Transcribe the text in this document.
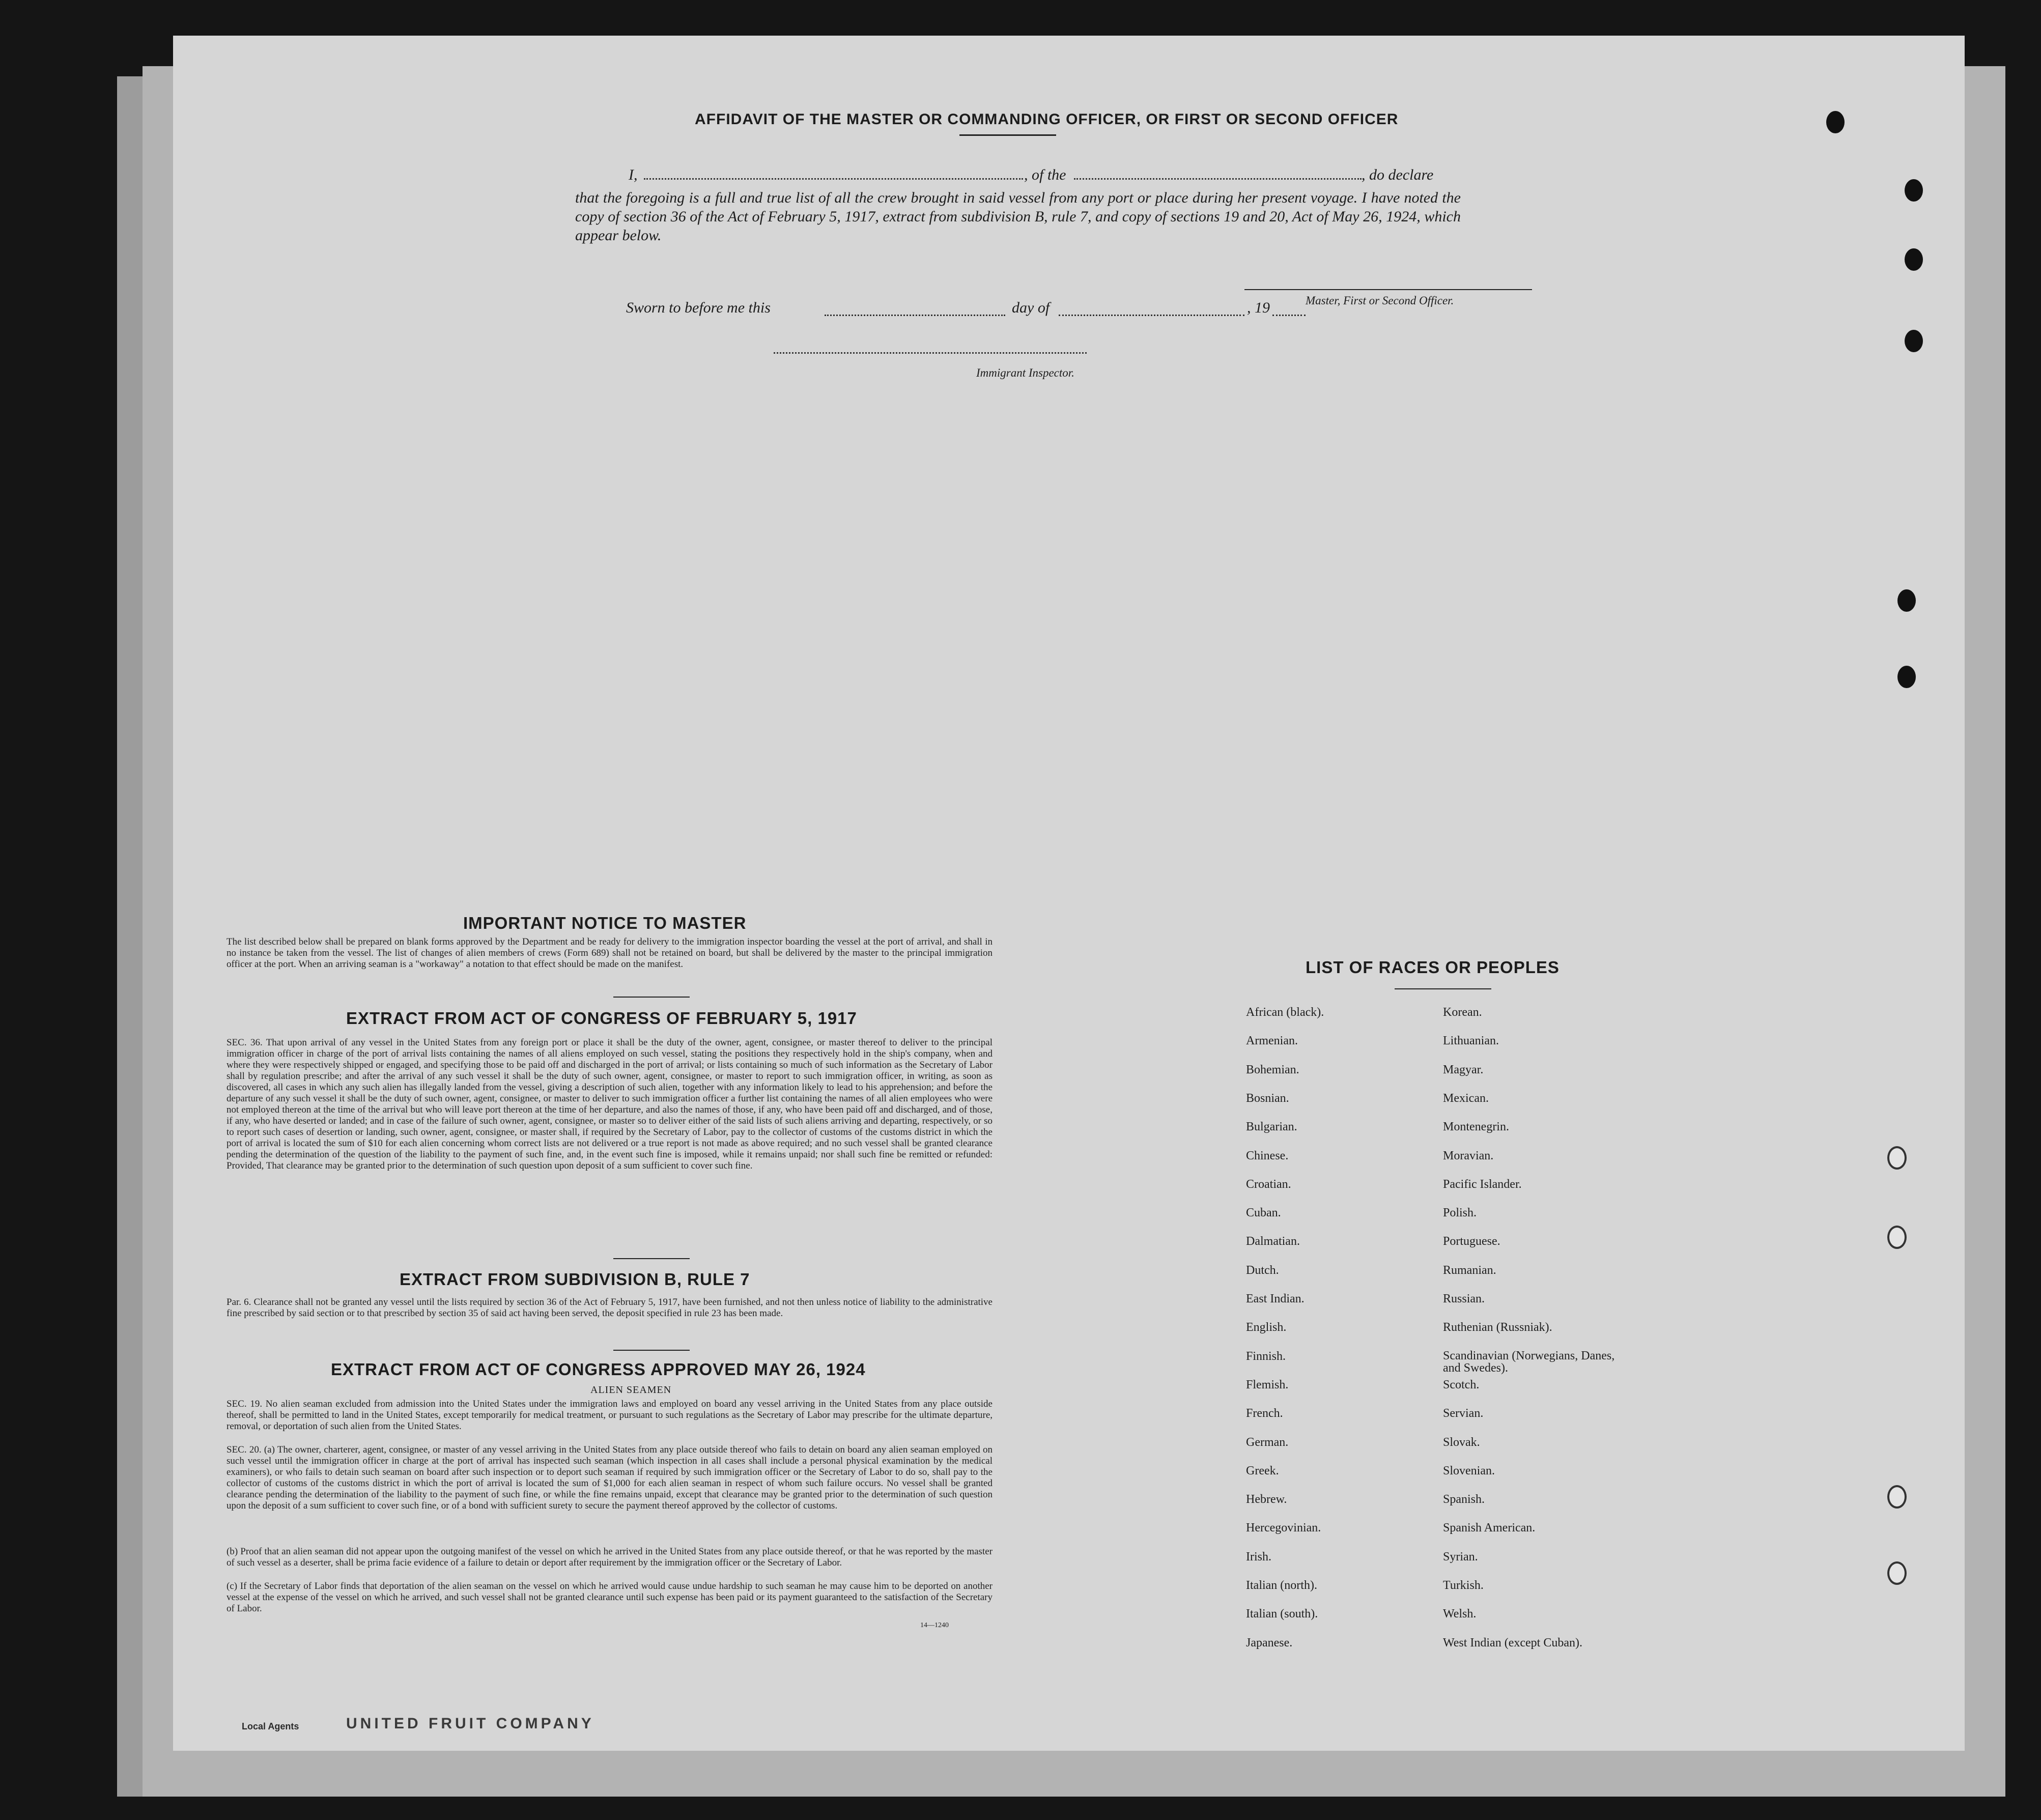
AFFIDAVIT OF THE MASTER OR COMMANDING OFFICER, OR FIRST OR SECOND OFFICER
I,	, of the	, do declare
that the foregoing is a full and true list of all the crew brought in said vessel from any port or place during her present voyage. I have noted the copy of section 36 of the Act of February 5, 1917, extract from subdivision B, rule 7, and copy of sections 19 and 20, Act of May 26, 1924, which appear below.
Master, First or Second Officer.
Sworn to before me this	day of	, 19
Immigrant Inspector.
IMPORTANT NOTICE TO MASTER
The list described below shall be prepared on blank forms approved by the Department and be ready for delivery to the immigration inspector boarding the vessel at the port of arrival, and shall in no instance be taken from the vessel. The list of changes of alien members of crews (Form 689) shall not be retained on board, but shall be delivered by the master to the principal immigration officer at the port. When an arriving seaman is a "workaway" a notation to that effect should be made on the manifest.
EXTRACT FROM ACT OF CONGRESS OF FEBRUARY 5, 1917
SEC. 36. That upon arrival of any vessel in the United States from any foreign port or place it shall be the duty of the owner, agent, consignee, or master thereof to deliver to the principal immigration officer in charge of the port of arrival lists containing the names of all aliens employed on such vessel, stating the positions they respectively hold in the ship's company, when and where they were respectively shipped or engaged, and specifying those to be paid off and discharged in the port of arrival; or lists containing so much of such information as the Secretary of Labor shall by regulation prescribe; and after the arrival of any such vessel it shall be the duty of such owner, agent, consignee, or master to report to such immigration officer, in writing, as soon as discovered, all cases in which any such alien has illegally landed from the vessel, giving a description of such alien, together with any information likely to lead to his apprehension; and before the departure of any such vessel it shall be the duty of such owner, agent, consignee, or master to deliver to such immigration officer a further list containing the names of all alien employees who were not employed thereon at the time of the arrival but who will leave port thereon at the time of her departure, and also the names of those, if any, who have been paid off and discharged, and of those, if any, who have deserted or landed; and in case of the failure of such owner, agent, consignee, or master so to deliver either of the said lists of such aliens arriving and departing, respectively, or so to report such cases of desertion or landing, such owner, agent, consignee, or master shall, if required by the Secretary of Labor, pay to the collector of customs of the customs district in which the port of arrival is located the sum of $10 for each alien concerning whom correct lists are not delivered or a true report is not made as above required; and no such vessel shall be granted clearance pending the determination of the question of the liability to the payment of such fine, and, in the event such fine is imposed, while it remains unpaid; nor shall such fine be remitted or refunded: Provided, That clearance may be granted prior to the determination of such question upon deposit of a sum sufficient to cover such fine.
EXTRACT FROM SUBDIVISION B, RULE 7
Par. 6. Clearance shall not be granted any vessel until the lists required by section 36 of the Act of February 5, 1917, have been furnished, and not then unless notice of liability to the administrative fine prescribed by said section or to that prescribed by section 35 of said act having been served, the deposit specified in rule 23 has been made.
EXTRACT FROM ACT OF CONGRESS APPROVED MAY 26, 1924
ALIEN SEAMEN
SEC. 19. No alien seaman excluded from admission into the United States under the immigration laws and employed on board any vessel arriving in the United States from any place outside thereof, shall be permitted to land in the United States, except temporarily for medical treatment, or pursuant to such regulations as the Secretary of Labor may prescribe for the ultimate departure, removal, or deportation of such alien from the United States.
SEC. 20. (a) The owner, charterer, agent, consignee, or master of any vessel arriving in the United States from any place outside thereof who fails to detain on board any alien seaman employed on such vessel until the immigration officer in charge at the port of arrival has inspected such seaman (which inspection in all cases shall include a personal physical examination by the medical examiners), or who fails to detain such seaman on board after such inspection or to deport such seaman if required by such immigration officer or the Secretary of Labor to do so, shall pay to the collector of customs of the customs district in which the port of arrival is located the sum of $1,000 for each alien seaman in respect of whom such failure occurs. No vessel shall be granted clearance pending the determination of the liability to the payment of such fine, or while the fine remains unpaid, except that clearance may be granted prior to the determination of such question upon the deposit of a sum sufficient to cover such fine, or of a bond with sufficient surety to secure the payment thereof approved by the collector of customs.
(b) Proof that an alien seaman did not appear upon the outgoing manifest of the vessel on which he arrived in the United States from any place outside thereof, or that he was reported by the master of such vessel as a deserter, shall be prima facie evidence of a failure to detain or deport after requirement by the immigration officer or the Secretary of Labor.
(c) If the Secretary of Labor finds that deportation of the alien seaman on the vessel on which he arrived would cause undue hardship to such seaman he may cause him to be deported on another vessel at the expense of the vessel on which he arrived, and such vessel shall not be granted clearance until such expense has been paid or its payment guaranteed to the satisfaction of the Secretary of Labor.
14—1240
LIST OF RACES OR PEOPLES
African (black).
Armenian.
Bohemian.
Bosnian.
Bulgarian.
Chinese.
Croatian.
Cuban.
Dalmatian.
Dutch.
East Indian.
English.
Finnish.
Flemish.
French.
German.
Greek.
Hebrew.
Hercegovinian.
Irish.
Italian (north).
Italian (south).
Japanese.
Korean.
Lithuanian.
Magyar.
Mexican.
Montenegrin.
Moravian.
Pacific Islander.
Polish.
Portuguese.
Rumanian.
Russian.
Ruthenian (Russniak).
Scandinavian (Norwegians, Danes, and Swedes).
Scotch.
Servian.
Slovak.
Slovenian.
Spanish.
Spanish American.
Syrian.
Turkish.
Welsh.
West Indian (except Cuban).
Local Agents	UNITED FRUIT COMPANY
